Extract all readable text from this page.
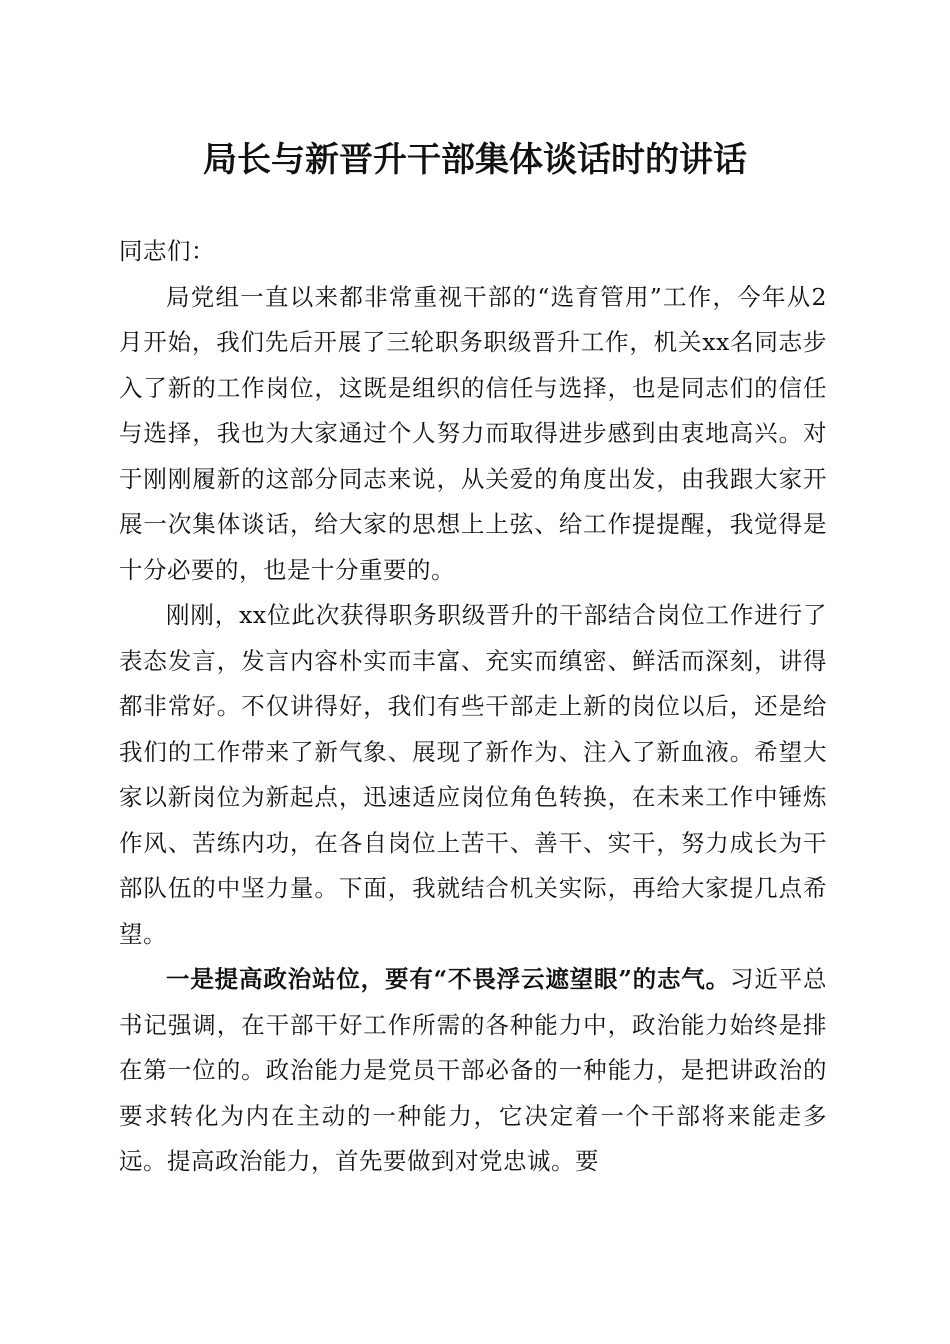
局长与新晋升干部集体谈话时的讲话

同志们：

局党组一直以来都非常重视干部的“选育管用”工作，今年从2月开始，我们先后开展了三轮职务职级晋升工作，机关xx名同志步入了新的工作岗位，这既是组织的信任与选择，也是同志们的信任与选择，我也为大家通过个人努力而取得进步感到由衷地高兴。对于刚刚履新的这部分同志来说，从关爱的角度出发，由我跟大家开展一次集体谈话，给大家的思想上上弦、给工作提提醒，我觉得是十分必要的，也是十分重要的。

刚刚，xx位此次获得职务职级晋升的干部结合岗位工作进行了表态发言，发言内容朴实而丰富、充实而缜密、鲜活而深刻，讲得都非常好。不仅讲得好，我们有些干部走上新的岗位以后，还是给我们的工作带来了新气象、展现了新作为、注入了新血液。希望大家以新岗位为新起点，迅速适应岗位角色转换，在未来工作中锤炼作风、苦练内功，在各自岗位上苦干、善干、实干，努力成长为干部队伍的中坚力量。下面，我就结合机关实际，再给大家提几点希望。

一是提高政治站位，要有“不畏浮云遮望眼”的志气。习近平总书记强调，在干部干好工作所需的各种能力中，政治能力始终是排在第一位的。政治能力是党员干部必备的一种能力，是把讲政治的要求转化为内在主动的一种能力，它决定着一个干部将来能走多远。提高政治能力，首先要做到对党忠诚。要
